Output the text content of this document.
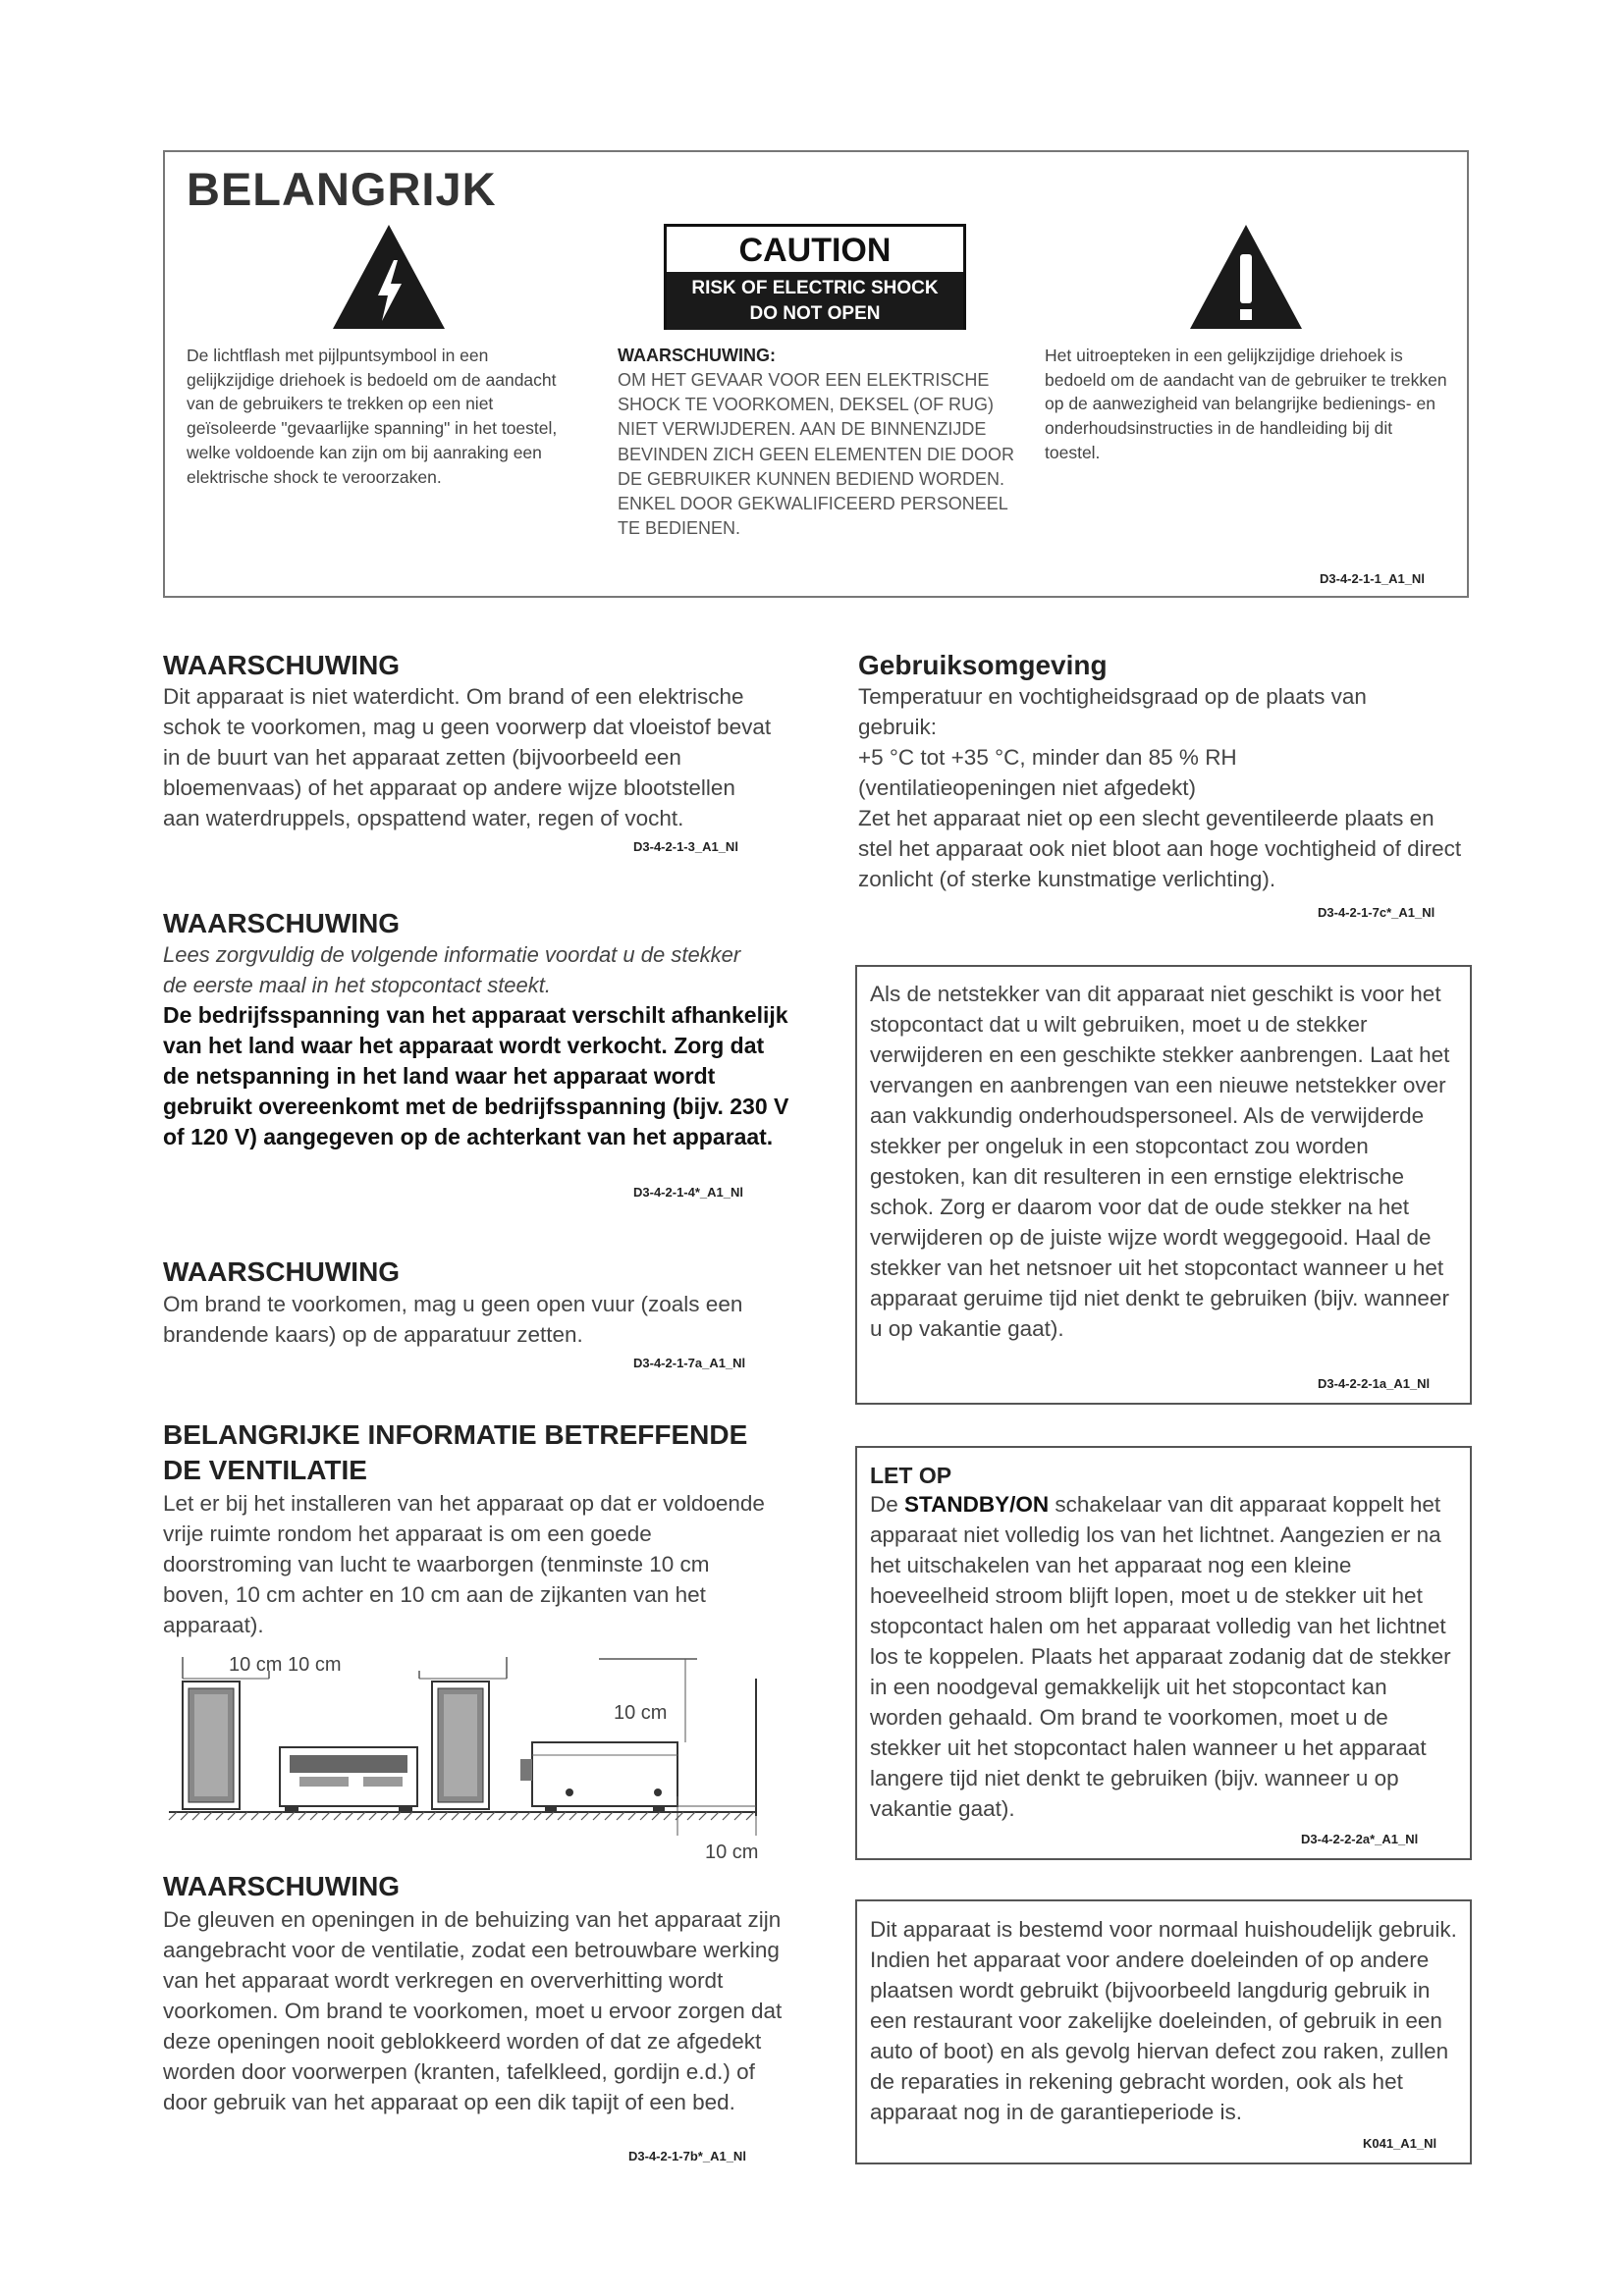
BELANGRIJK
CAUTION
RISK OF ELECTRIC SHOCK
DO NOT OPEN
De lichtflash met pijlpuntsymbool in een gelijkzijdige driehoek is bedoeld om de aandacht van de gebruikers te trekken op een niet geïsoleerde "gevaarlijke spanning" in het toestel, welke voldoende kan zijn om bij aanraking een elektrische shock te veroorzaken.
WAARSCHUWING:
OM HET GEVAAR VOOR EEN ELEKTRISCHE SHOCK TE VOORKOMEN, DEKSEL (OF RUG) NIET VERWIJDEREN. AAN DE BINNENZIJDE BEVINDEN ZICH GEEN ELEMENTEN DIE DOOR DE GEBRUIKER KUNNEN BEDIEND WORDEN. ENKEL DOOR GEKWALIFICEERD PERSONEEL TE BEDIENEN.
Het uitroepteken in een gelijkzijdige driehoek is bedoeld om de aandacht van de gebruiker te trekken op de aanwezigheid van belangrijke bedienings- en onderhoudsinstructies in de handleiding bij dit toestel.
D3-4-2-1-1_A1_Nl
WAARSCHUWING
Dit apparaat is niet waterdicht. Om brand of een elektrische schok te voorkomen, mag u geen voorwerp dat vloeistof bevat in de buurt van het apparaat zetten (bijvoorbeeld een bloemenvaas) of het apparaat op andere wijze blootstellen aan waterdruppels, opspattend water, regen of vocht.
D3-4-2-1-3_A1_Nl
WAARSCHUWING
Lees zorgvuldig de volgende informatie voordat u de stekker de eerste maal in het stopcontact steekt.
De bedrijfsspanning van het apparaat verschilt afhankelijk van het land waar het apparaat wordt verkocht. Zorg dat de netspanning in het land waar het apparaat wordt gebruikt overeenkomt met de bedrijfsspanning (bijv. 230 V of 120 V) aangegeven op de achterkant van het apparaat.
D3-4-2-1-4*_A1_Nl
WAARSCHUWING
Om brand te voorkomen, mag u geen open vuur (zoals een brandende kaars) op de apparatuur zetten.
D3-4-2-1-7a_A1_Nl
BELANGRIJKE INFORMATIE BETREFFENDE
DE VENTILATIE
Let er bij het installeren van het apparaat op dat er voldoende vrije ruimte rondom het apparaat is om een goede doorstroming van lucht te waarborgen (tenminste 10 cm boven, 10 cm achter en 10 cm aan de zijkanten van het apparaat).
10 cm 10 cm
10 cm
10 cm
WAARSCHUWING
De gleuven en openingen in de behuizing van het apparaat zijn aangebracht voor de ventilatie, zodat een betrouwbare werking van het apparaat wordt verkregen en oververhitting wordt voorkomen. Om brand te voorkomen, moet u ervoor zorgen dat deze openingen nooit geblokkeerd worden of dat ze afgedekt worden door voorwerpen (kranten, tafelkleed, gordijn e.d.) of door gebruik van het apparaat op een dik tapijt of een bed.
D3-4-2-1-7b*_A1_Nl
Gebruiksomgeving
Temperatuur en vochtigheidsgraad op de plaats van gebruik:
+5 °C tot +35 °C, minder dan 85 % RH (ventilatieopeningen niet afgedekt)
Zet het apparaat niet op een slecht geventileerde plaats en stel het apparaat ook niet bloot aan hoge vochtigheid of direct zonlicht (of sterke kunstmatige verlichting).
D3-4-2-1-7c*_A1_Nl
Als de netstekker van dit apparaat niet geschikt is voor het stopcontact dat u wilt gebruiken, moet u de stekker verwijderen en een geschikte stekker aanbrengen. Laat het vervangen en aanbrengen van een nieuwe netstekker over aan vakkundig onderhoudspersoneel. Als de verwijderde stekker per ongeluk in een stopcontact zou worden gestoken, kan dit resulteren in een ernstige elektrische schok. Zorg er daarom voor dat de oude stekker na het verwijderen op de juiste wijze wordt weggegooid. Haal de stekker van het netsnoer uit het stopcontact wanneer u het apparaat geruime tijd niet denkt te gebruiken (bijv. wanneer u op vakantie gaat).
D3-4-2-2-1a_A1_Nl
LET OP
De STANDBY/ON schakelaar van dit apparaat koppelt het apparaat niet volledig los van het lichtnet. Aangezien er na het uitschakelen van het apparaat nog een kleine hoeveelheid stroom blijft lopen, moet u de stekker uit het stopcontact halen om het apparaat volledig van het lichtnet los te koppelen. Plaats het apparaat zodanig dat de stekker in een noodgeval gemakkelijk uit het stopcontact kan worden gehaald. Om brand te voorkomen, moet u de stekker uit het stopcontact halen wanneer u het apparaat langere tijd niet denkt te gebruiken (bijv. wanneer u op vakantie gaat).
D3-4-2-2-2a*_A1_Nl
Dit apparaat is bestemd voor normaal huishoudelijk gebruik. Indien het apparaat voor andere doeleinden of op andere plaatsen wordt gebruikt (bijvoorbeeld langdurig gebruik in een restaurant voor zakelijke doeleinden, of gebruik in een auto of boot) en als gevolg hiervan defect zou raken, zullen de reparaties in rekening gebracht worden, ook als het apparaat nog in de garantieperiode is.
K041_A1_Nl
